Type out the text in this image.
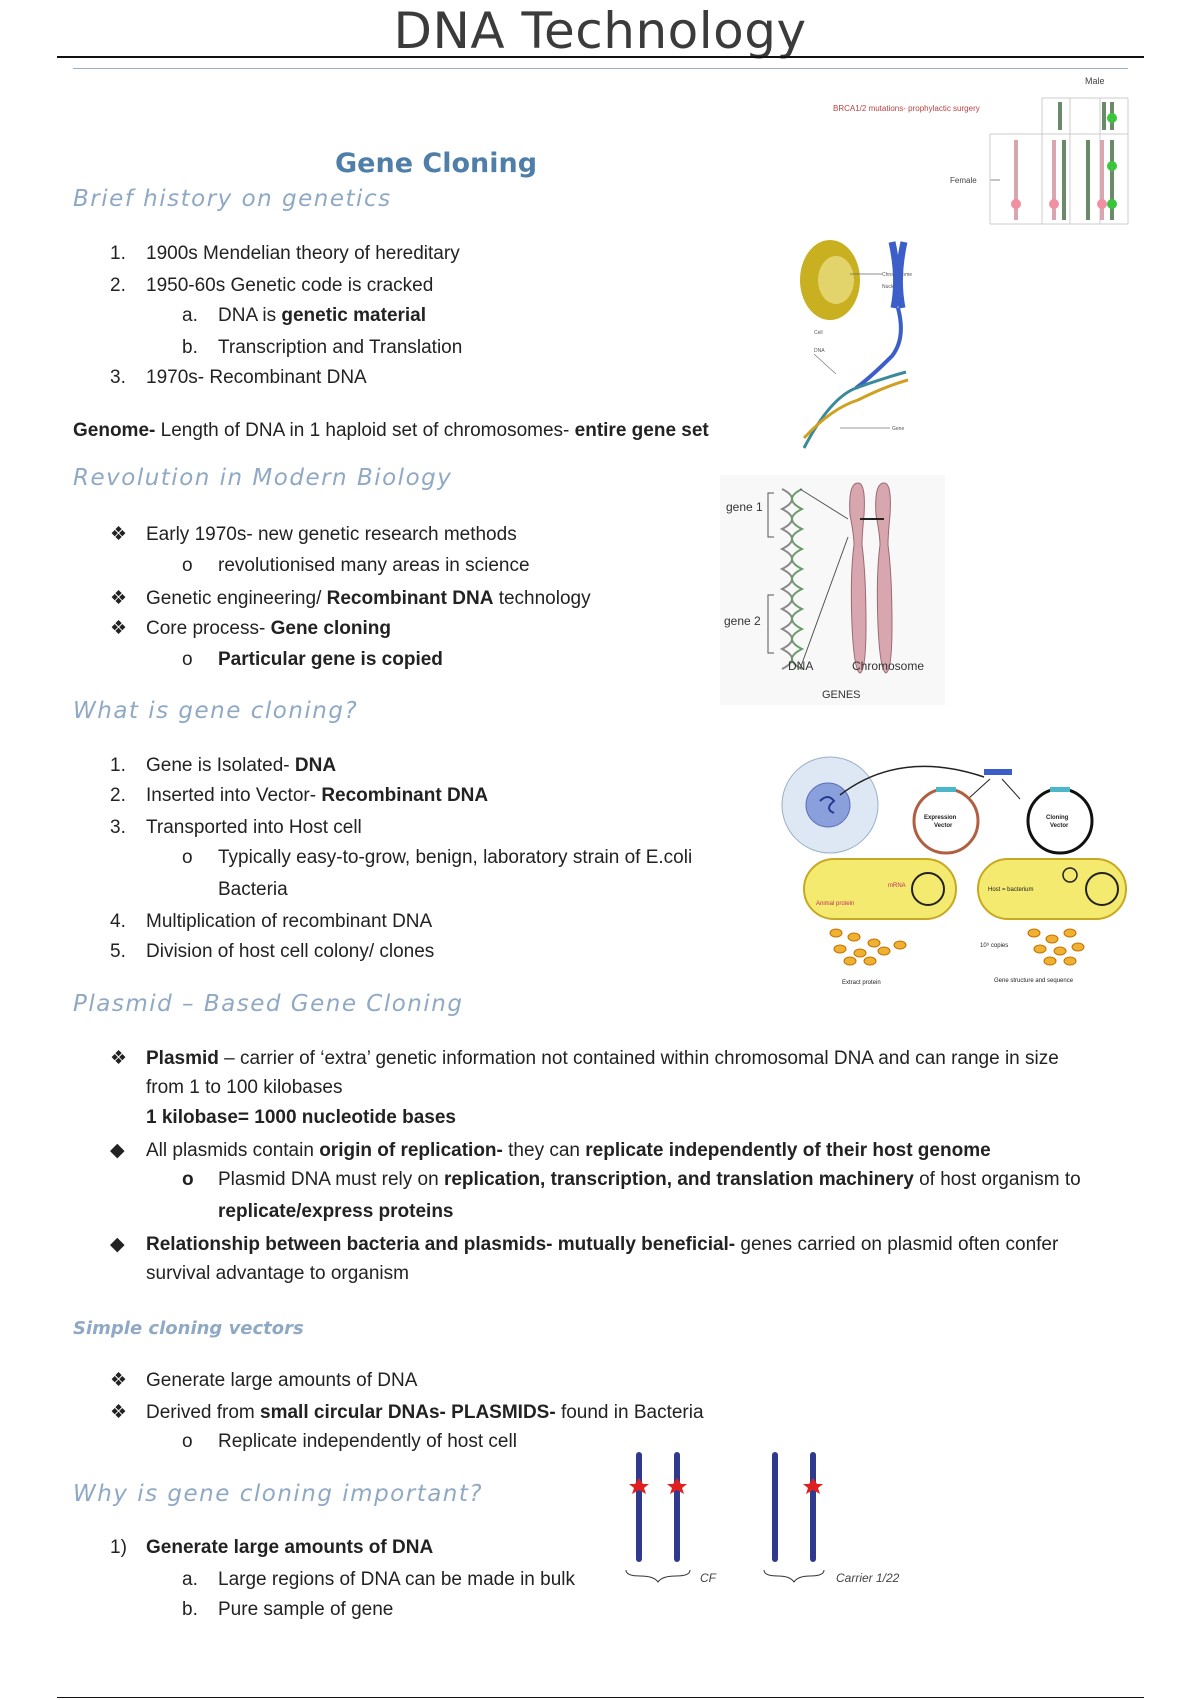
DNA Technology
Gene Cloning
Brief history on genetics
1. 1900s Mendelian theory of hereditary
2. 1950-60s Genetic code is cracked
a. DNA is genetic material
b. Transcription and Translation
3. 1970s- Recombinant DNA
Genome- Length of DNA in 1 haploid set of chromosomes- entire gene set
Revolution in Modern Biology
❖ Early 1970s- new genetic research methods
o revolutionised many areas in science
❖ Genetic engineering/ Recombinant DNA technology
❖ Core process- Gene cloning
o Particular gene is copied
What is gene cloning?
1. Gene is Isolated- DNA
2. Inserted into Vector- Recombinant DNA
3. Transported into Host cell
o Typically easy-to-grow, benign, laboratory strain of E.coli
Bacteria
4. Multiplication of recombinant DNA
5. Division of host cell colony/ clones
Plasmid – Based Gene Cloning
❖ Plasmid – carrier of ‘extra’ genetic information not contained within chromosomal DNA and can range in size
from 1 to 100 kilobases
1 kilobase= 1000 nucleotide bases
◆ All plasmids contain origin of replication- they can replicate independently of their host genome
o Plasmid DNA must rely on replication, transcription, and translation machinery of host organism to
replicate/express proteins
◆ Relationship between bacteria and plasmids- mutually beneficial- genes carried on plasmid often confer
survival advantage to organism
Simple cloning vectors
❖ Generate large amounts of DNA
❖ Derived from small circular DNAs- PLASMIDS- found in Bacteria
o Replicate independently of host cell
Why is gene cloning important?
1) Generate large amounts of DNA
a. Large regions of DNA can be made in bulk
b. Pure sample of gene
Male
BRCA1/2 mutations- prophylactic surgery
Female
Chromosome
Nucleus
Cell
DNA
Gene
gene 1
gene 2
DNA	Chromosome
GENES
Expression
Vector
Cloning
Vector
mRNA
Animal protein
Host = bacterium
10⁹ copies
Extract protein	Gene structure and sequence
CF	Carrier 1/22
